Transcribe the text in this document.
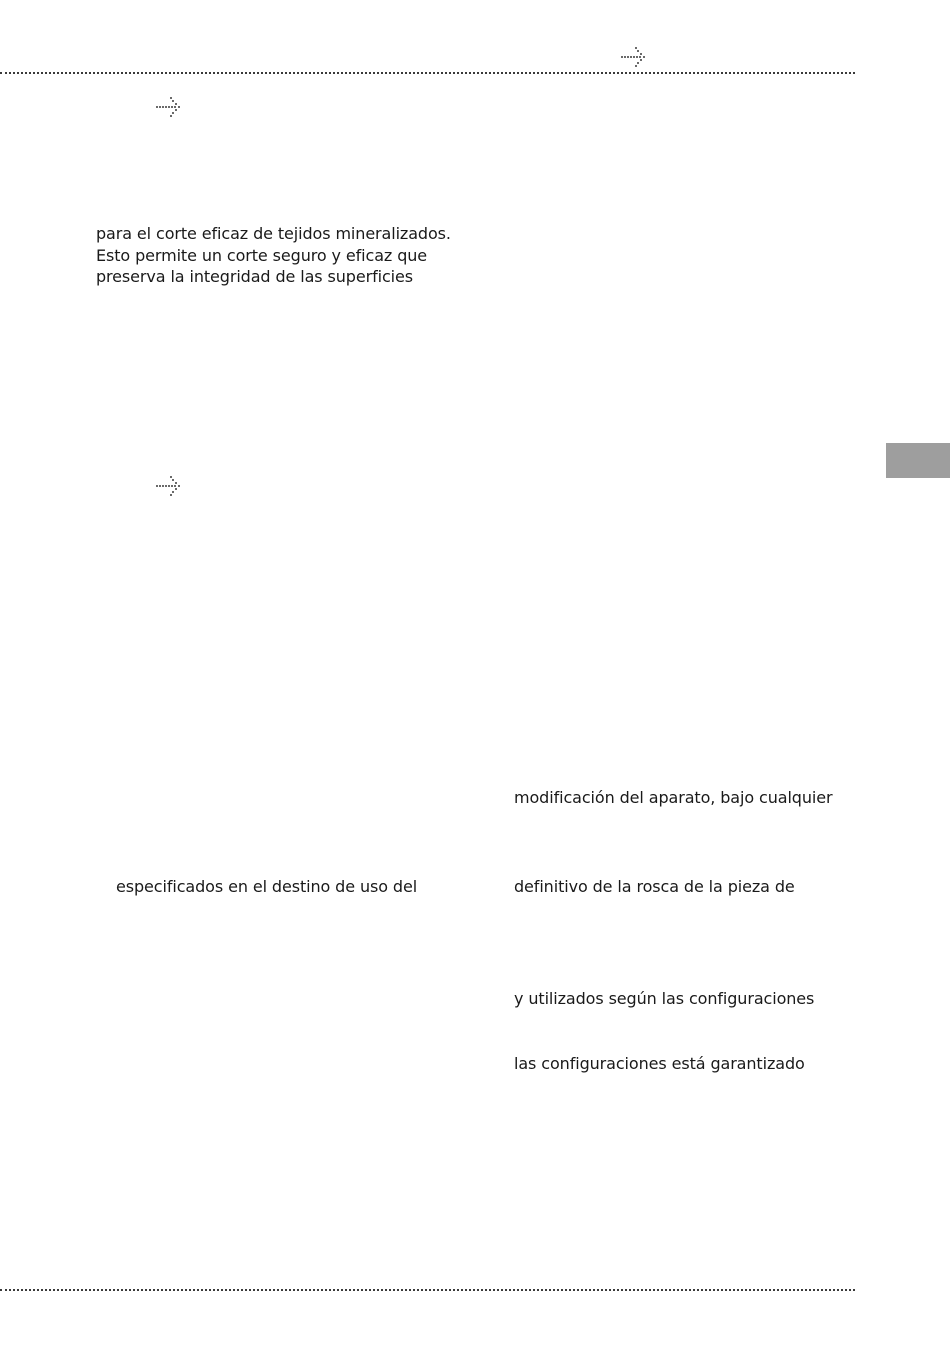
para el corte eficaz de tejidos mineralizados.
Esto permite un corte seguro y eficaz que
preserva la integridad de las superficies
modificación del aparato, bajo cualquier
definitivo de la rosca de la pieza de
y utilizados según las configuraciones
las configuraciones está garantizado
especificados en el destino de uso del
